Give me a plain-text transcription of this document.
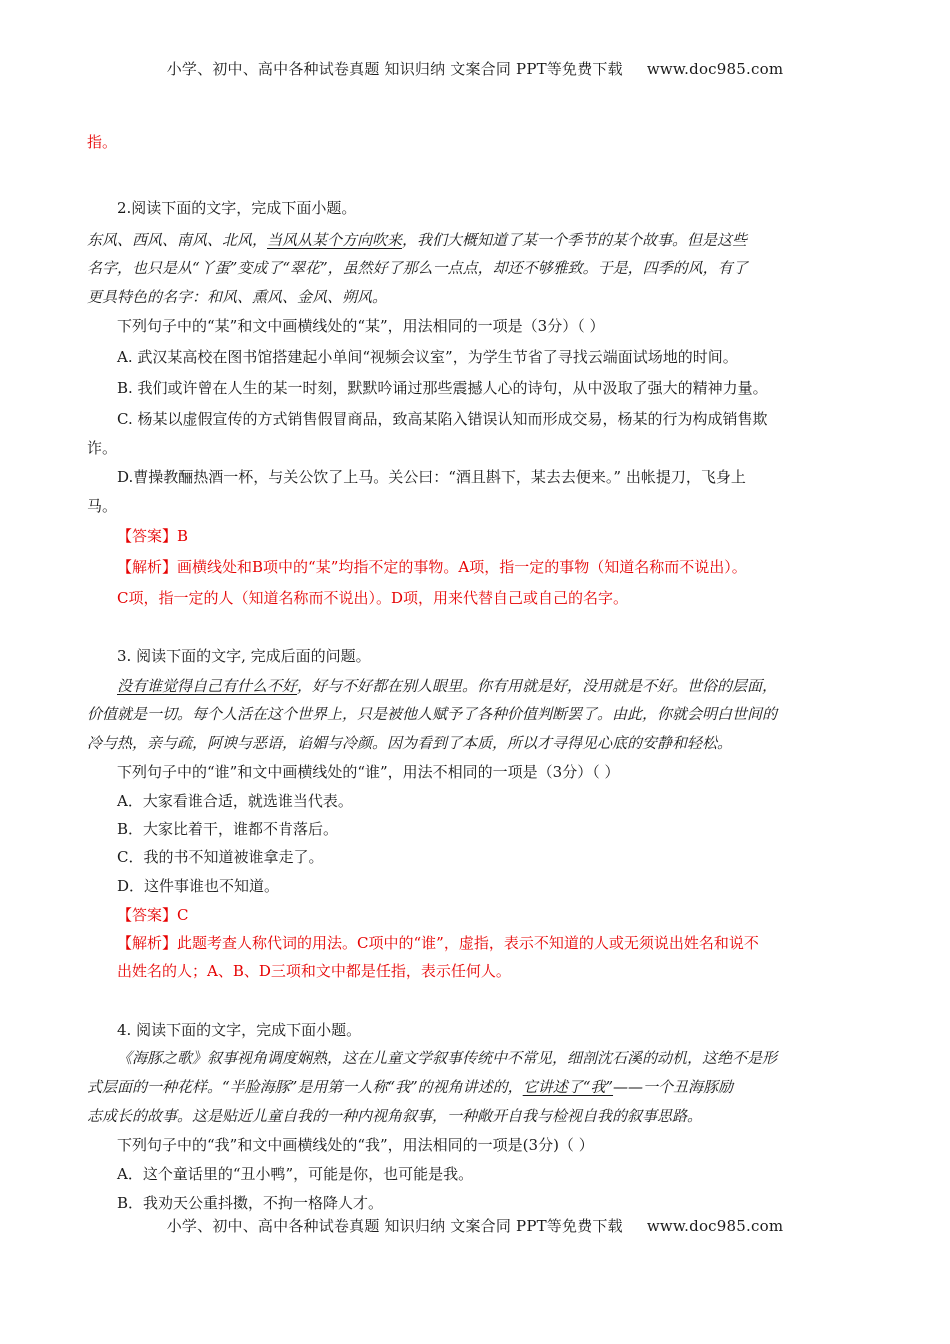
小学、初中、高中各种试卷真题 知识归纳 文案合同 PPT等免费下载 www.doc985.com
指。
2.阅读下面的文字，完成下面小题。
东风、西风、南风、北风，当风从某个方向吹来，我们大概知道了某一个季节的某个故事。但是这些
名字，也只是从“丫蛋”变成了“翠花”，虽然好了那么一点点，却还不够雅致。于是，四季的风，有了
更具特色的名字：和风、熏风、金风、朔风。
下列句子中的“某”和文中画横线处的“某”，用法相同的一项是（3分）（ ）
A. 武汉某高校在图书馆搭建起小单间“视频会议室”，为学生节省了寻找云端面试场地的时间。
B. 我们或许曾在人生的某一时刻，默默吟诵过那些震撼人心的诗句，从中汲取了强大的精神力量。
C. 杨某以虚假宣传的方式销售假冒商品，致高某陷入错误认知而形成交易，杨某的行为构成销售欺
诈。
D.曹操教酾热酒一杯，与关公饮了上马。关公曰：“酒且斟下，某去去便来。” 出帐提刀，飞身上
马。
【答案】B
【解析】画横线处和B项中的“某”均指不定的事物。A项，指一定的事物（知道名称而不说出）。
C项，指一定的人（知道名称而不说出）。D项，用来代替自己或自己的名字。
3. 阅读下面的文字, 完成后面的问题。
没有谁觉得自己有什么不好，好与不好都在别人眼里。你有用就是好，没用就是不好。世俗的层面，
价值就是一切。每个人活在这个世界上，只是被他人赋予了各种价值判断罢了。由此，你就会明白世间的
冷与热，亲与疏，阿谀与恶语，谄媚与冷颜。因为看到了本质，所以才寻得见心底的安静和轻松。
下列句子中的“谁”和文中画横线处的“谁”，用法不相同的一项是（3分）（ ）
A．大家看谁合适，就选谁当代表。
B．大家比着干，谁都不肯落后。
C．我的书不知道被谁拿走了。
D．这件事谁也不知道。
【答案】C
【解析】此题考查人称代词的用法。C项中的“谁”，虚指，表示不知道的人或无须说出姓名和说不
出姓名的人；A、B、D三项和文中都是任指，表示任何人。
4. 阅读下面的文字，完成下面小题。
《海豚之歌》叙事视角调度娴熟，这在儿童文学叙事传统中不常见，细剖沈石溪的动机，这绝不是形
式层面的一种花样。“半脸海豚”是用第一人称“我”的视角讲述的，它讲述了“我”——一个丑海豚励
志成长的故事。这是贴近儿童自我的一种内视角叙事，一种敞开自我与检视自我的叙事思路。
下列句子中的“我”和文中画横线处的“我”，用法相同的一项是(3分)（ ）
A．这个童话里的“丑小鸭”，可能是你，也可能是我。
B．我劝天公重抖擞，不拘一格降人才。
小学、初中、高中各种试卷真题 知识归纳 文案合同 PPT等免费下载 www.doc985.com
